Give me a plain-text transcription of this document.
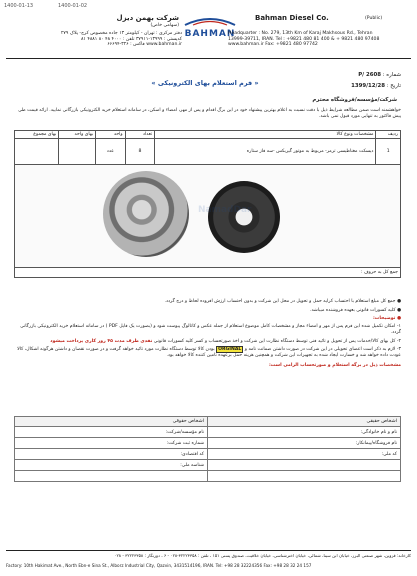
1400-01-13	1400-01-02
BAHMAN
شرکت بهمن دیزل
(سهامی خاص)
Bahman Diesel Co.	(Public)
دفتر مرکزی : تهران - کیلومتر ۱۳ جاده مخصوص کرج- پلاک ۲۷۹
کدپستی : ۱۳۹۹۹-۳۷۹۱۱ تلفن : ۴۰۰۰ ۴۸ ۸۰ ۴۸۸۱ ۸۱
www.bahman.ir فاکس : ۳۲۶-۶۶۶۹۴
Headquarter : No. 279, 13th Km of Karaj Makhsous Rd., Tehran
13999-39711, IRAN. Tel : +9821 480 81 400 & + 9821 480 97408
www.bahman.ir Fax: +9821 480 97742
شماره : P/ 2608
تاریخ : 1399/12/28
« فرم استعلام بهای الکترونیکی »
شرکت/مؤسسه/فروشگاه محترم
خواهشمند است ضمن مطالعه شرایط ذیل با دقت نسبت به اعلام بهترین پیشنهاد خود در این برگ اقدام و پس از مهر، امضاء و اسکن، در سامانه استعلام خرید الکترونیکی بازرگانی نمایید. ارائه قیمت طی پیش فاکتور به تنهایی مورد قبول نمی باشد.
ردیف	مشخصات ونوع کالا	تعداد	واحد	بهای واحد	بهای مجموع
1	دیسکت مغناطیسی ترمز- مربوط به موتور گیربکس -سه فاز ستاره	8	عدد		

NamadDar					

جمع کل به حروف :					
● جمع کل مبلغ استعلام با احتساب کرایه حمل و تحویل در محل این شرکت و بدون احتساب ارزش افزوده لحاظ و درج گردد.
● کلیه کسورات قانونی بعهده فروشنده میباشد.
● توضیحات:
۱- امکان تکمیل شده این فرم پس از مهر و امضاء مجاز و مشخصات کامل موضوع استعلام از جمله عکس و کاتالوگ پیوست شود و (بصورت یک فایل PDF ) در سامانه استعلام خرید الکترونیکی بازرگانی گردد.
۲- کل بهای کالا/خدمات پس از تحویل و تائید فنی توسط دستگاه نظارت این شرکت و اخذ صورتحساب و کسر کلیه کسورات قانونی نقدی ظرف مدت ۴۵ روز کاری پرداخت میشود
۳- لازم به ذکر است اعضای تحویلی در این شرکت در صورت داشتن ضمانت نامه و ORGINAL بودن کالا توسط دستگاه نظارت مورد تائید خواهد گرفت و در صورت نقصان و داشتن هرگونه اشکال، کالا عودت داده خواهد شد و خسارت ایجاد شده به تجهیزات این شرکت و همچنین هزینه حمل برعهده تامین کننده کالا خواهد بود.
مشخصات ذیل در برگه استعلام و صورتحساب الزامی است:
اشخاص حقیقی	اشخاص حقوقی
نام و نام خانوادگی:	نام مؤسسه/شرکت:
نام فروشگاه/پیمانکار:	شماره ثبت شرکت:
کد ملی:	کد اقتصادی:
	شناسه ملی:

کارخانه: قزوین، شهر صنعتی البرز، خیابان ابن سینا، شمالی، خیابان اخترشناسی، خیابان خلاقیت، صندوق پستی ۱۵۱ ، تلفن : ۳۲۲۲۳۳۵۸-۰۲۸ - ۶ ، دورنگار : ۳۲۲۲۳۳۵۸ - ۰۲۸
Factory: 10th Hakimat Ave., North Ebn-e Sina St., Alborz Industrial City, Qazvin, 3431514196, IRAN. Tel: +98 28 32224356 Fax: +98 28 32 24 157
